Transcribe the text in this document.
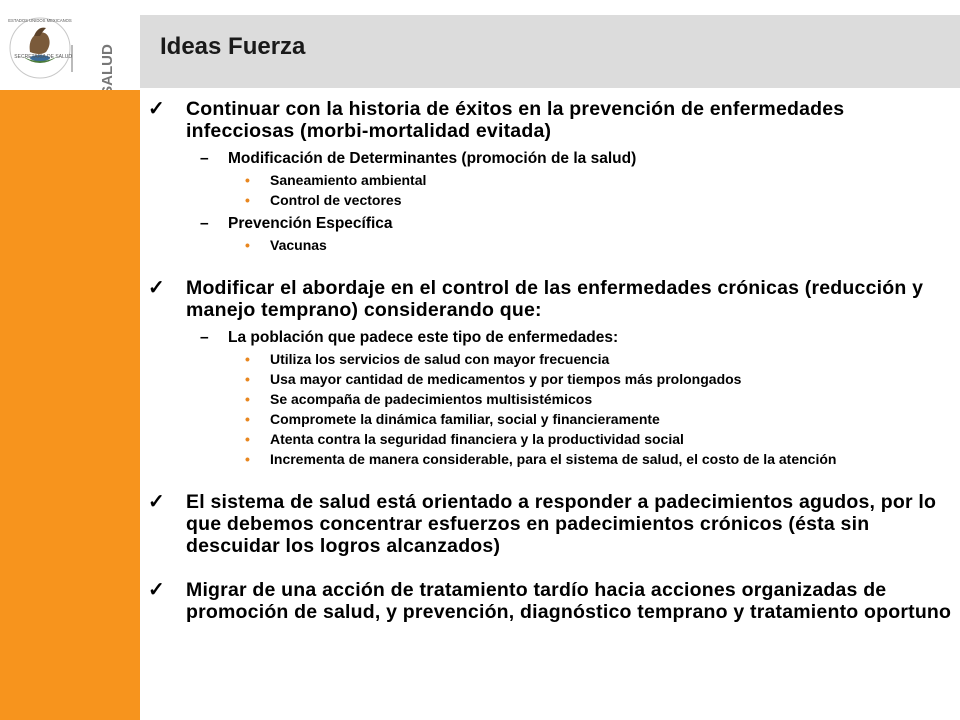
SECRETARÍA DE SALUD SALUD
ESTADOS UNIDOS MEXICANOS
Ideas Fuerza
✓ Continuar con la historia de éxitos en la prevención de enfermedades infecciosas (morbi-mortalidad evitada)
– Modificación de Determinantes (promoción de la salud)
• Saneamiento ambiental
• Control de vectores
– Prevención Específica
• Vacunas
✓ Modificar el abordaje en el control de las enfermedades crónicas (reducción y manejo temprano) considerando que:
– La población que padece este tipo de enfermedades:
• Utiliza los servicios de salud con mayor frecuencia
• Usa mayor cantidad de medicamentos y por tiempos más prolongados
• Se acompaña de padecimientos multisistémicos
• Compromete la dinámica familiar, social y financieramente
• Atenta contra la seguridad financiera y la productividad social
• Incrementa de manera considerable, para el sistema de salud, el costo de la atención
✓ El sistema de salud está orientado a responder a padecimientos agudos, por lo que debemos concentrar esfuerzos en padecimientos crónicos (ésta sin descuidar los logros alcanzados)
✓ Migrar de una acción de tratamiento tardío hacia acciones organizadas de promoción de salud, y prevención, diagnóstico temprano y tratamiento oportuno
